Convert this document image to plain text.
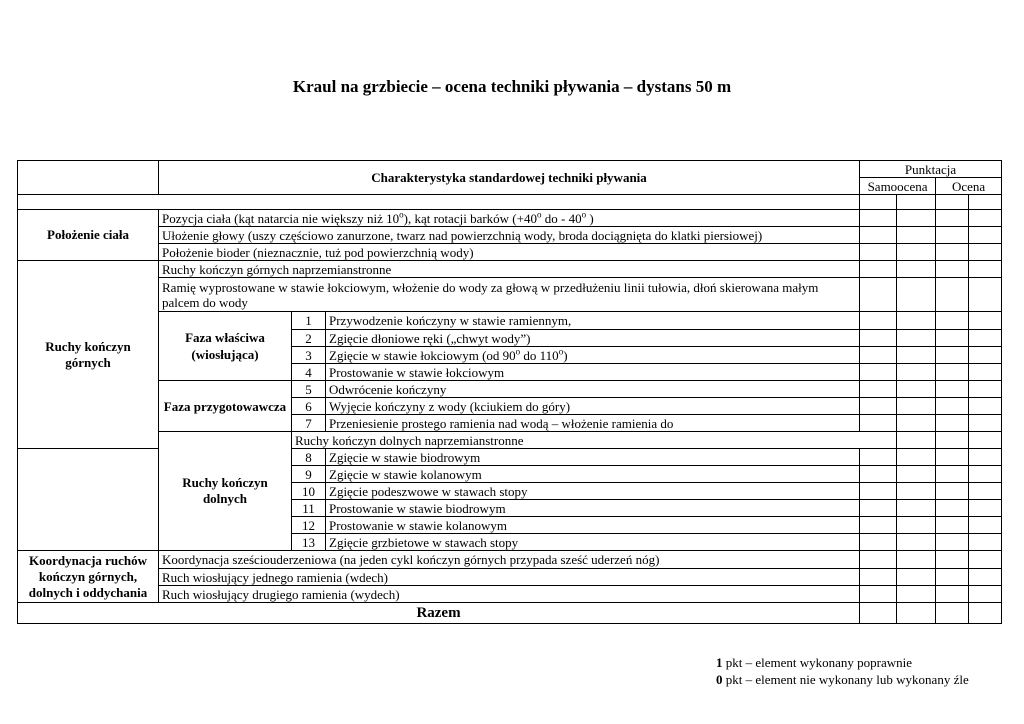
Kraul na grzbiecie – ocena techniki pływania – dystans 50 m
	Charakterystyka standardowej techniki pływania			Punktacja				
				Samoocena		Ocena		

Położenie ciała	Pozycja ciała (kąt natarcia nie większy niż 10$^o$), kąt rotacji barków ($+40^o$ do - 40$^o$ )							
	Ułożenie głowy (uszy częściowo zanurzone, twarz nad powierzchnią wody, broda dociągnięta do klatki piersiowej)							
	Położenie bioder (nieznacznie, tuż pod powierzchnią wody)							
Ruchy kończyn górnych	Ruchy kończyn górnych naprzemianstronne							
	Ramię wyprostowane w stawie łokciowym, włożenie do wody za głową w przedłużeniu linii tułowia, dłoń skierowana małym palcem do wody							
	Faza właściwa (wiosłująca)	1	Przywodzenie kończyny w stawie ramiennym,					
		2	Zgięcie dłoniowe ręki („chwyt wody”)					
		3	Zgięcie w stawie łokciowym (od 90$^o$ do 110$^o$)					
		4	Prostowanie w stawie łokciowym					
	Faza przygotowawcza	5	Odwrócenie kończyny					
		6	Wyjęcie kończyny z wody (kciukiem do góry)					
		7	Przeniesienie prostego ramienia nad wodą – włożenie ramienia do					
	Ruchy kończyn dolnych	Ruchy kończyn dolnych naprzemianstronne						
		8	Zgięcie w stawie biodrowym					
		9	Zgięcie w stawie kolanowym					
		10	Zgięcie podeszwowe w stawach stopy					
		11	Prostowanie w stawie biodrowym					
		12	Prostowanie w stawie kolanowym					
		13	Zgięcie grzbietowe w stawach stopy					
Koordynacja ruchów kończyn górnych, dolnych i oddychania	Koordynacja sześciouderzeniowa (na jeden cykl kończyn górnych przypada sześć uderzeń nóg)							
	Ruch wiosłujący jednego ramienia (wdech)							
	Ruch wiosłujący drugiego ramienia (wydech)							
Razem								
1 pkt – element wykonany poprawnie
0 pkt – element nie wykonany lub wykonany źle
